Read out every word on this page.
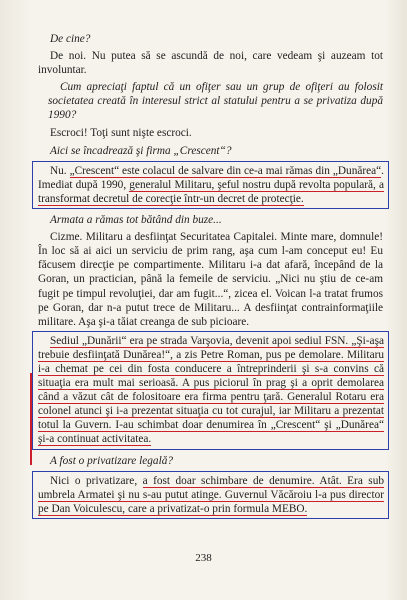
De cine?

De noi. Nu putea să se ascundă de noi, care vedeam şi auzeam tot involuntar.

Cum apreciaţi faptul că un ofiţer sau un grup de ofiţeri au folosit societatea creată în interesul strict al statului pentru a se privatiza după 1990?

Escroci! Toţi sunt nişte escroci.

Aici se încadrează şi firma „Crescent“?

Nu. „Crescent“ este colacul de salvare din ce-a mai rămas din „Dunărea“. Imediat după 1990, generalul Militaru, şeful nostru după revolta populară, a transformat decretul de corecţie într-un decret de protecţie.

Armata a rămas tot bătând din buze...

Cizme. Militaru a desfiinţat Securitatea Capitalei. Minte mare, domnule! În loc să ai aici un serviciu de prim rang, aşa cum l-am conceput eu! Eu făcusem direcţie pe compartimente. Militaru i-a dat afară, începând de la Goran, un practician, până la femeile de serviciu. „Nici nu ştiu de ce-am fugit pe timpul revoluţiei, dar am fugit...“, zicea el. Voican l-a tratat frumos pe Goran, dar n-a putut trece de Militaru... A desfiinţat contrainformaţiile militare. Aşa şi-a tăiat creanga de sub picioare.

Sediul „Dunării“ era pe strada Varşovia, devenit apoi sediul FSN. „Şi-aşa trebuie desfiinţată Dunărea!“, a zis Petre Roman, pus pe demolare. Militaru i-a chemat pe cei din fosta conducere a întreprinderii şi s-a convins că situaţia era mult mai serioasă. A pus piciorul în prag şi a oprit demolarea când a văzut cât de folositoare era firma pentru ţară. Generalul Rotaru era colonel atunci şi i-a prezentat situaţia cu tot curajul, iar Militaru a prezentat totul la Guvern. I-au schimbat doar denumirea în „Crescent“ şi „Dunărea“ şi-a continuat activitatea.

A fost o privatizare legală?

Nici o privatizare, a fost doar schimbare de denumire. Atât. Era sub umbrela Armatei şi nu s-au putut atinge. Guvernul Văcăroiu l-a pus director pe Dan Voiculescu, care a privatizat-o prin formula MEBO.

238
